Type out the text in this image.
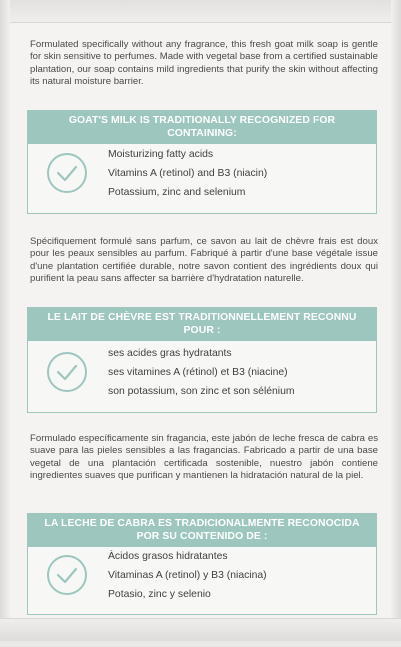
Formulated specifically without any fragrance, this fresh goat milk soap is gentle for skin sensitive to perfumes. Made with vegetal base from a certified sustainable plantation, our soap contains mild ingredients that purify the skin without affecting its natural moisture barrier.

GOAT'S MILK IS TRADITIONALLY RECOGNIZED FOR CONTAINING:
Moisturizing fatty acids
Vitamins A (retinol) and B3 (niacin)
Potassium, zinc and selenium

Spécifiquement formulé sans parfum, ce savon au lait de chèvre frais est doux pour les peaux sensibles au parfum. Fabriqué à partir d'une base végétale issue d'une plantation certifiée durable, notre savon contient des ingrédients doux qui purifient la peau sans affecter sa barrière d'hydratation naturelle.

LE LAIT DE CHÈVRE EST TRADITIONNELLEMENT RECONNU POUR :
ses acides gras hydratants
ses vitamines A (rétinol) et B3 (niacine)
son potassium, son zinc et son sélénium

Formulado específicamente sin fragancia, este jabón de leche fresca de cabra es suave para las pieles sensibles a las fragancias. Fabricado a partir de una base vegetal de una plantación certificada sostenible, nuestro jabón contiene ingredientes suaves que purifican y mantienen la hidratación natural de la piel.

LA LECHE DE CABRA ES TRADICIONALMENTE RECONOCIDA POR SU CONTENIDO DE :
Àcidos grasos hidratantes
Vitaminas A (retinol) y B3 (niacina)
Potasio, zinc y selenio
